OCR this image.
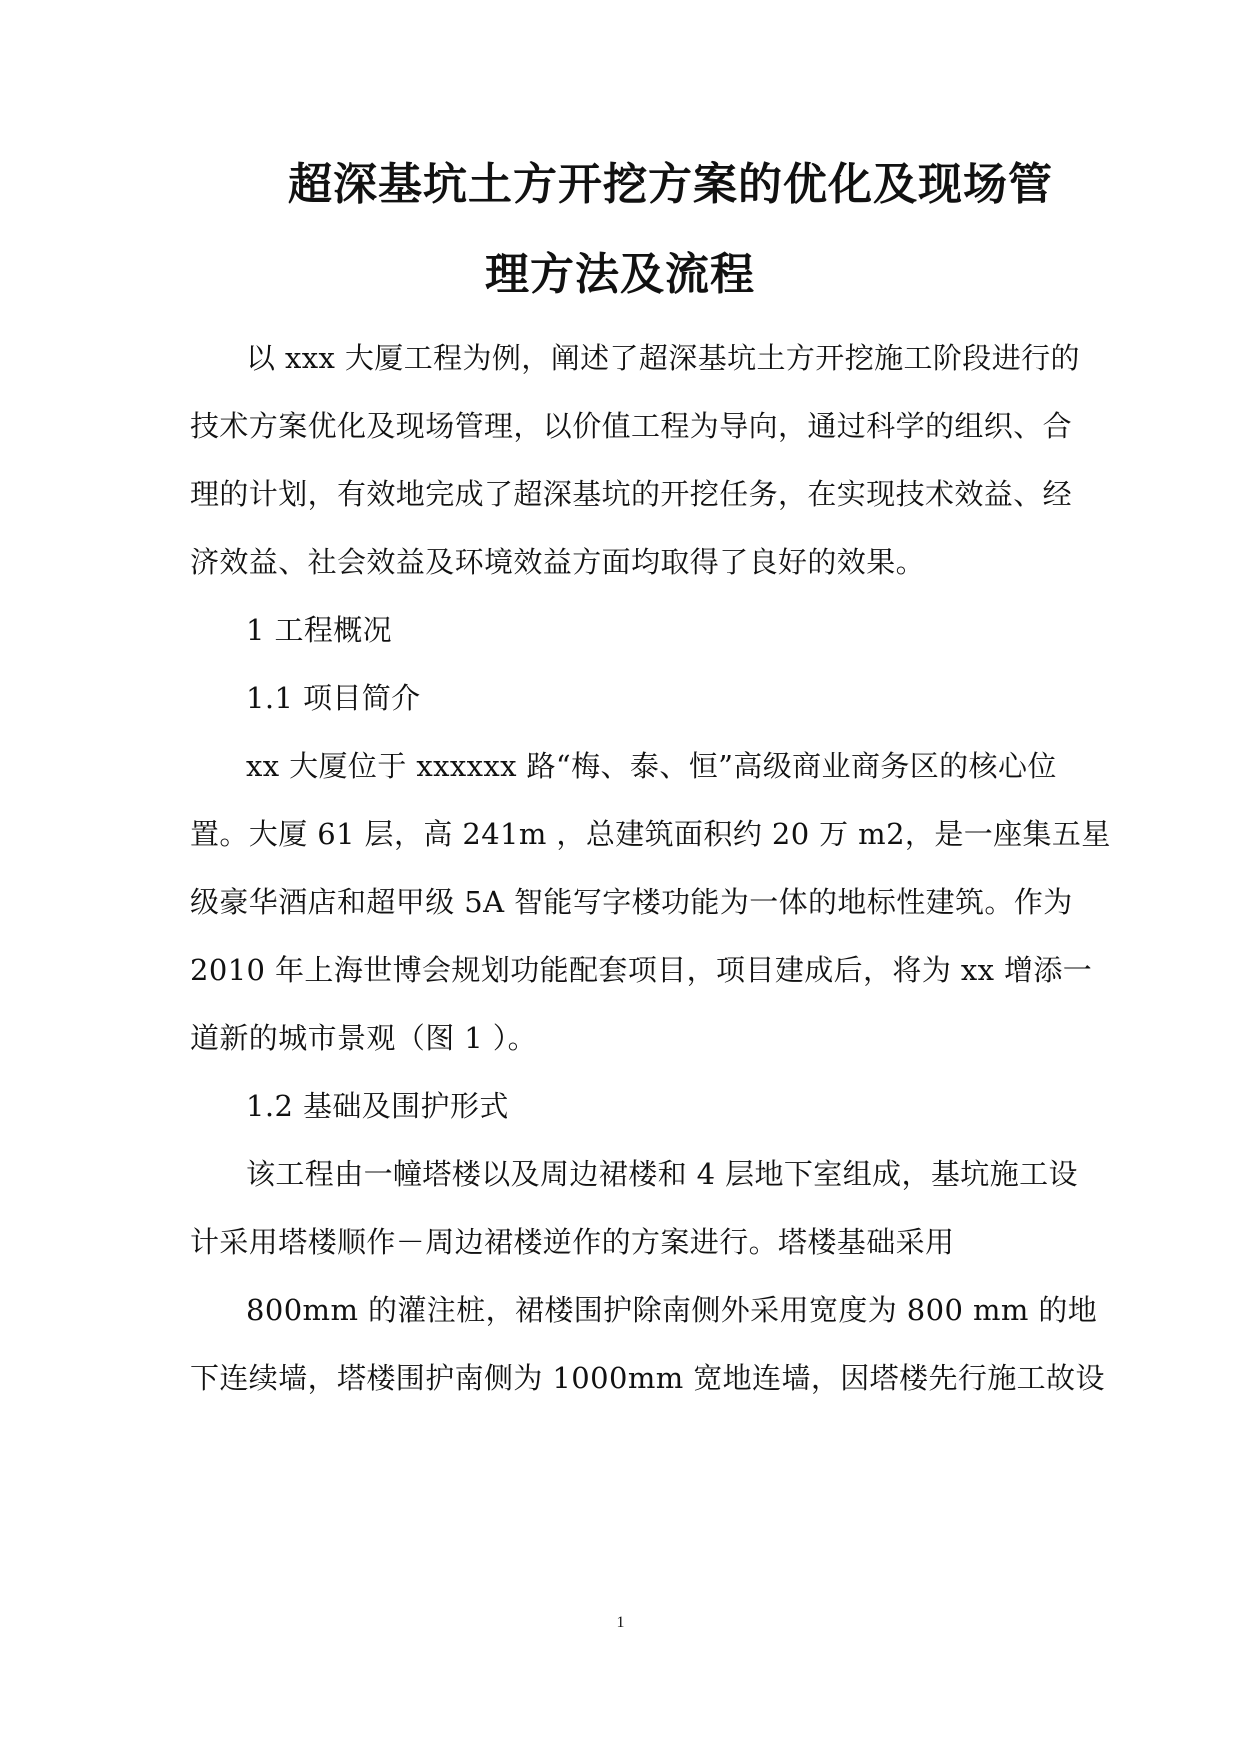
超深基坑土方开挖方案的优化及现场管
理方法及流程
以 xxx 大厦工程为例，阐述了超深基坑土方开挖施工阶段进行的
技术方案优化及现场管理，以价值工程为导向，通过科学的组织、合
理的计划，有效地完成了超深基坑的开挖任务，在实现技术效益、经
济效益、社会效益及环境效益方面均取得了良好的效果。
1 工程概况
1.1 项目简介
xx 大厦位于 xxxxxx 路“梅、泰、恒”高级商业商务区的核心位
置。大厦 61 层，高 241m ，总建筑面积约 20 万 m2，是一座集五星
级豪华酒店和超甲级 5A 智能写字楼功能为一体的地标性建筑。作为
2010 年上海世博会规划功能配套项目，项目建成后，将为 xx 增添一
道新的城市景观（图 1 ）。
1.2 基础及围护形式
该工程由一幢塔楼以及周边裙楼和 4 层地下室组成，基坑施工设
计采用塔楼顺作－周边裙楼逆作的方案进行。塔楼基础采用
800mm 的灌注桩，裙楼围护除南侧外采用宽度为 800 mm 的地
下连续墙，塔楼围护南侧为 1000mm 宽地连墙，因塔楼先行施工故设
1
